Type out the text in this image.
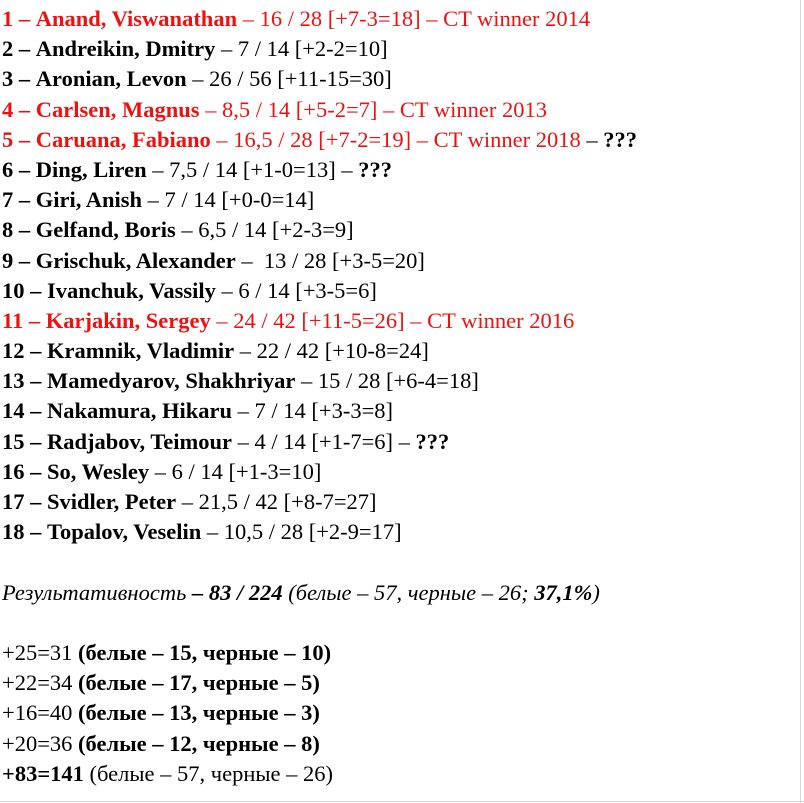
1 – Anand, Viswanathan – 16 / 28 [+7-3=18] – CT winner 2014
2 – Andreikin, Dmitry – 7 / 14 [+2-2=10]
3 – Aronian, Levon – 26 / 56 [+11-15=30]
4 – Carlsen, Magnus – 8,5 / 14 [+5-2=7] – CT winner 2013
5 – Caruana, Fabiano – 16,5 / 28 [+7-2=19] – CT winner 2018 – ???
6 – Ding, Liren – 7,5 / 14 [+1-0=13] – ???
7 – Giri, Anish – 7 / 14 [+0-0=14]
8 – Gelfand, Boris – 6,5 / 14 [+2-3=9]
9 – Grischuk, Alexander –  13 / 28 [+3-5=20]
10 – Ivanchuk, Vassily – 6 / 14 [+3-5=6]
11 – Karjakin, Sergey – 24 / 42 [+11-5=26] – CT winner 2016
12 – Kramnik, Vladimir – 22 / 42 [+10-8=24]
13 – Mamedyarov, Shakhriyar – 15 / 28 [+6-4=18]
14 – Nakamura, Hikaru – 7 / 14 [+3-3=8]
15 – Radjabov, Teimour – 4 / 14 [+1-7=6] – ???
16 – So, Wesley – 6 / 14 [+1-3=10]
17 – Svidler, Peter – 21,5 / 42 [+8-7=27]
18 – Topalov, Veselin – 10,5 / 28 [+2-9=17]
Результативность – 83 / 224 (белые – 57, черные – 26; 37,1%)
+25=31 (белые – 15, черные – 10)
+22=34 (белые – 17, черные – 5)
+16=40 (белые – 13, черные – 3)
+20=36 (белые – 12, черные – 8)
+83=141 (белые – 57, черные – 26)
